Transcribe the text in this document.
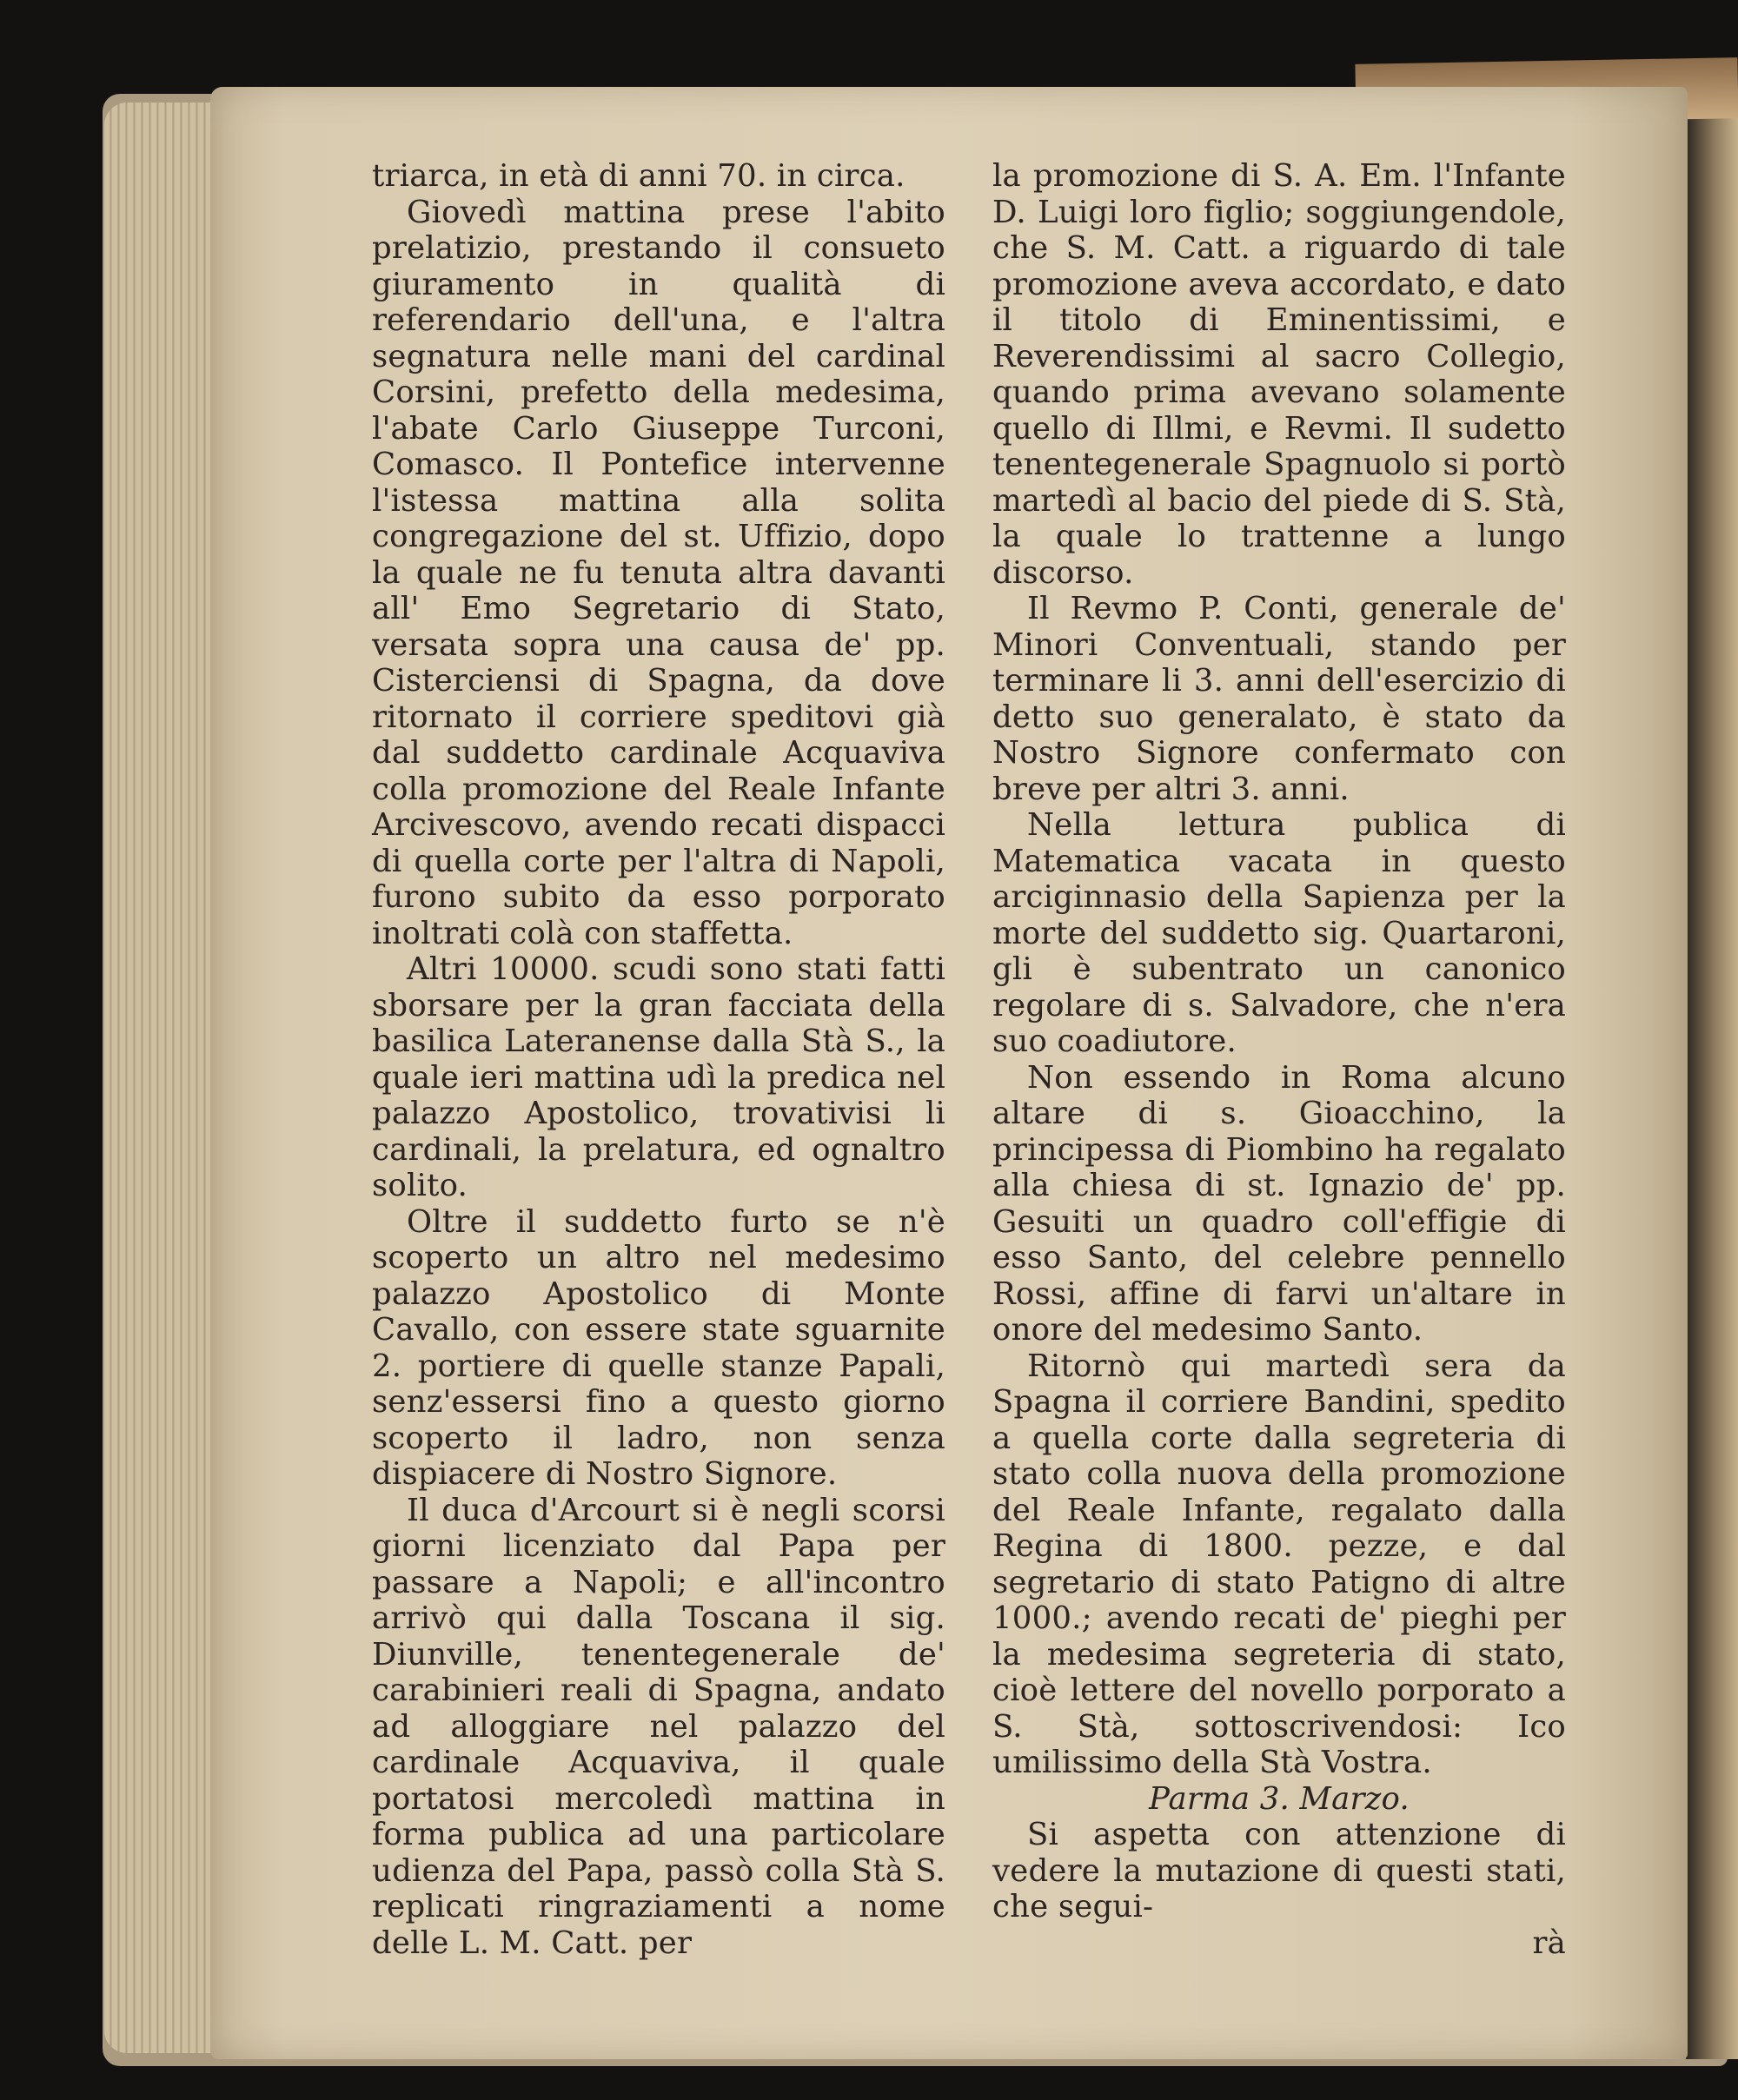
triarca, in età di anni 70. in circa.

Giovedì mattina prese l'abito prelatizio, prestando il consueto giuramento in qualità di referendario dell'una, e l'altra segnatura nelle mani del cardinal Corsini, prefetto della medesima, l'abate Carlo Giuseppe Turconi, Comasco. Il Pontefice intervenne l'istessa mattina alla solita congregazione del st. Uffizio, dopo la quale ne fu tenuta altra davanti all' Emo Segretario di Stato, versata sopra una causa de' pp. Cisterciensi di Spagna, da dove ritornato il corriere speditovi già dal suddetto cardinale Acquaviva colla promozione del Reale Infante Arcivescovo, avendo recati dispacci di quella corte per l'altra di Napoli, furono subito da esso porporato inoltrati colà con staffetta.

Altri 10000. scudi sono stati fatti sborsare per la gran facciata della basilica Lateranense dalla Stà S., la quale ieri mattina udì la predica nel palazzo Apostolico, trovativisi li cardinali, la prelatura, ed ognaltro solito.

Oltre il suddetto furto se n'è scoperto un altro nel medesimo palazzo Apostolico di Monte Cavallo, con essere state sguarnite 2. portiere di quelle stanze Papali, senz'essersi fino a questo giorno scoperto il ladro, non senza dispiacere di Nostro Signore.

Il duca d'Arcourt si è negli scorsi giorni licenziato dal Papa per passare a Napoli; e all'incontro arrivò qui dalla Toscana il sig. Diunville, tenentegenerale de' carabinieri reali di Spagna, andato ad alloggiare nel palazzo del cardinale Acquaviva, il quale portatosi mercoledì mattina in forma publica ad una particolare udienza del Papa, passò colla Stà S. replicati ringraziamenti a nome delle L. M. Catt. per

la promozione di S. A. Em. l'Infante D. Luigi loro figlio; soggiungendole, che S. M. Catt. a riguardo di tale promozione aveva accordato, e dato il titolo di Eminentissimi, e Reverendissimi al sacro Collegio, quando prima avevano solamente quello di Illmi, e Revmi. Il sudetto tenentegenerale Spagnuolo si portò martedì al bacio del piede di S. Stà, la quale lo trattenne a lungo discorso.

Il Revmo P. Conti, generale de' Minori Conventuali, stando per terminare li 3. anni dell'esercizio di detto suo generalato, è stato da Nostro Signore confermato con breve per altri 3. anni.

Nella lettura publica di Matematica vacata in questo arciginnasio della Sapienza per la morte del suddetto sig. Quartaroni, gli è subentrato un canonico regolare di s. Salvadore, che n'era suo coadiutore.

Non essendo in Roma alcuno altare di s. Gioacchino, la principessa di Piombino ha regalato alla chiesa di st. Ignazio de' pp. Gesuiti un quadro coll'effigie di esso Santo, del celebre pennello Rossi, affine di farvi un'altare in onore del medesimo Santo.

Ritornò qui martedì sera da Spagna il corriere Bandini, spedito a quella corte dalla segreteria di stato colla nuova della promozione del Reale Infante, regalato dalla Regina di 1800. pezze, e dal segretario di stato Patigno di altre 1000.; avendo recati de' pieghi per la medesima segreteria di stato, cioè lettere del novello porporato a S. Stà, sottoscrivendosi: Ico umilissimo della Stà Vostra.

Parma 3. Marzo.

Si aspetta con attenzione di vedere la mutazione di questi stati, che segui-

rà
